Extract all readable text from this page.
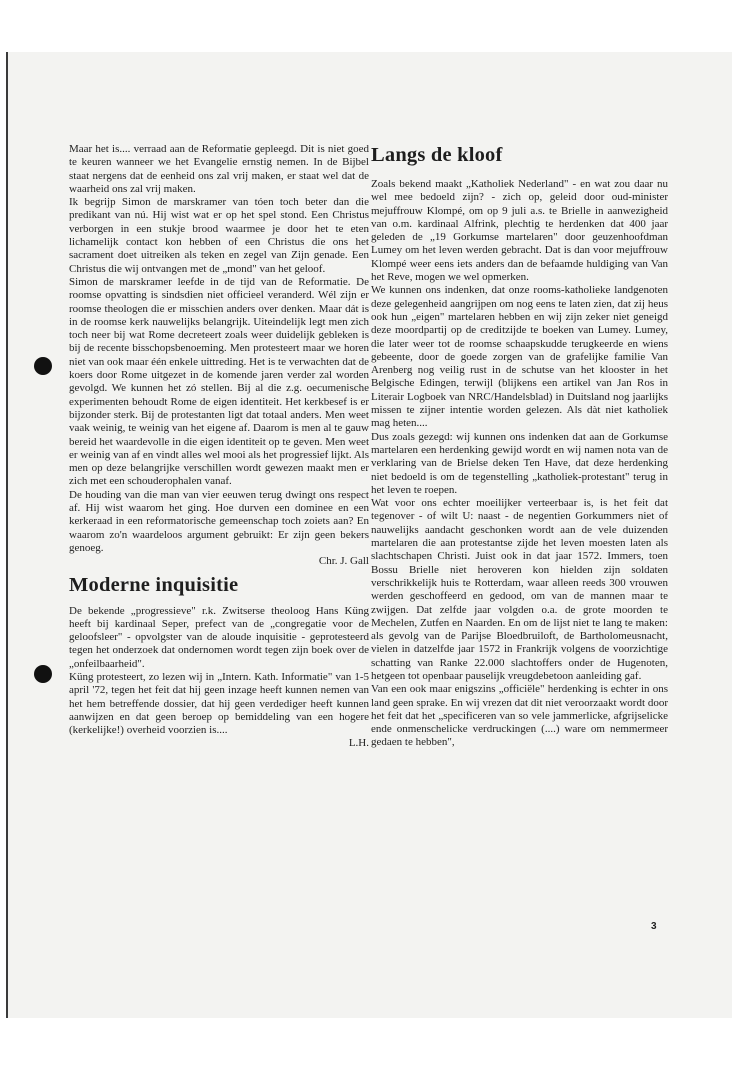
Maar het is.... verraad aan de Reformatie gepleegd. Dit is niet goed te keuren wanneer we het Evangelie ernstig nemen. In de Bijbel staat nergens dat de eenheid ons zal vrij maken, er staat wel dat de waarheid ons zal vrij maken.

Ik begrijp Simon de marskramer van tóen toch beter dan die predikant van nú. Hij wist wat er op het spel stond. Een Christus verborgen in een stukje brood waarmee je door het te eten lichamelijk contact kon hebben of een Christus die ons het sacrament doet uitreiken als teken en zegel van Zijn genade. Een Christus die wij ontvangen met de „mond" van het geloof.

Simon de marskramer leefde in de tijd van de Reformatie. De roomse opvatting is sindsdien niet officieel veranderd. Wél zijn er roomse theologen die er misschien anders over denken. Maar dát is in de roomse kerk nauwelijks belangrijk. Uiteindelijk legt men zich toch neer bij wat Rome decreteert zoals weer duidelijk gebleken is bij de recente bisschopsbenoeming. Men protesteert maar we horen niet van ook maar één enkele uittreding. Het is te verwachten dat de koers door Rome uitgezet in de komende jaren verder zal worden gevolgd. We kunnen het zó stellen. Bij al die z.g. oecumenische experimenten behoudt Rome de eigen identiteit. Het kerkbesef is er bijzonder sterk. Bij de protestanten ligt dat totaal anders. Men weet vaak weinig, te weinig van het eigene af. Daarom is men al te gauw bereid het waardevolle in die eigen identiteit op te geven. Men weet er weinig van af en vindt alles wel mooi als het progressief lijkt. Als men op deze belangrijke verschillen wordt gewezen maakt men er zich met een schouderophalen vanaf.

De houding van die man van vier eeuwen terug dwingt ons respect af. Hij wist waarom het ging. Hoe durven een dominee en een kerkeraad in een reformatorische gemeenschap toch zoiets aan? En waarom zo'n waardeloos argument gebruikt: Er zijn geen bekers genoeg.

Chr. J. Gall

Moderne inquisitie

De bekende „progressieve" r.k. Zwitserse theoloog Hans Küng heeft bij kardinaal Seper, prefect van de „congregatie voor de geloofsleer" - opvolgster van de aloude inquisitie - geprotesteerd tegen het onderzoek dat ondernomen wordt tegen zijn boek over de „onfeilbaarheid".

Küng protesteert, zo lezen wij in „Intern. Kath. Informatie" van 1-5 april '72, tegen het feit dat hij geen inzage heeft kunnen nemen van het hem betreffende dossier, dat hij geen verdediger heeft kunnen aanwijzen en dat geen beroep op bemiddeling van een hogere (kerkelijke!) overheid voorzien is....

L.H.

Langs de kloof

Zoals bekend maakt „Katholiek Nederland" - en wat zou daar nu wel mee bedoeld zijn? - zich op, geleid door oud-minister mejuffrouw Klompé, om op 9 juli a.s. te Brielle in aanwezigheid van o.m. kardinaal Alfrink, plechtig te herdenken dat 400 jaar geleden de „19 Gorkumse martelaren" door geuzenhoofdman Lumey om het leven werden gebracht. Dat is dan voor mejuffrouw Klompé weer eens iets anders dan de befaamde huldiging van Van het Reve, mogen we wel opmerken.

We kunnen ons indenken, dat onze rooms-katholieke landgenoten deze gelegenheid aangrijpen om nog eens te laten zien, dat zij heus ook hun „eigen" martelaren hebben en wij zijn zeker niet geneigd deze moordpartij op de creditzijde te boeken van Lumey. Lumey, die later weer tot de roomse schaapskudde terugkeerde en wiens gebeente, door de goede zorgen van de grafelijke familie Van Arenberg nog veilig rust in de schutse van het klooster in het Belgische Edingen, terwijl (blijkens een artikel van Jan Ros in Literair Logboek van NRC/Handelsblad) in Duitsland nog jaarlijks missen te zijner intentie worden gelezen. Als dàt niet katholiek mag heten....

Dus zoals gezegd: wij kunnen ons indenken dat aan de Gorkumse martelaren een herdenking gewijd wordt en wij namen nota van de verklaring van de Brielse deken Ten Have, dat deze herdenking niet bedoeld is om de tegenstelling „katholiek-protestant" terug in het leven te roepen.

Wat voor ons echter moeilijker verteerbaar is, is het feit dat tegenover - of wilt U: naast - de negentien Gorkummers niet of nauwelijks aandacht geschonken wordt aan de vele duizenden martelaren die aan protestantse zijde het leven moesten laten als slachtschapen Christi. Juist ook in dat jaar 1572. Immers, toen Bossu Brielle niet heroveren kon hielden zijn soldaten verschrikkelijk huis te Rotterdam, waar alleen reeds 300 vrouwen werden geschoffeerd en gedood, om van de mannen maar te zwijgen. Dat zelfde jaar volgden o.a. de grote moorden te Mechelen, Zutfen en Naarden. En om de lijst niet te lang te maken: als gevolg van de Parijse Bloedbruiloft, de Bartholomeusnacht, vielen in datzelfde jaar 1572 in Frankrijk volgens de voorzichtige schatting van Ranke 22.000 slachtoffers onder de Hugenoten, hetgeen tot openbaar pauselijk vreugdebetoon aanleiding gaf.

Van een ook maar enigszins „officiële" herdenking is echter in ons land geen sprake. En wij vrezen dat dit niet veroorzaakt wordt door het feit dat het „specificeren van so vele jammerlicke, afgrijselicke ende onmenschelicke verdruckingen (....) ware om nemmermeer gedaen te hebben",

3
